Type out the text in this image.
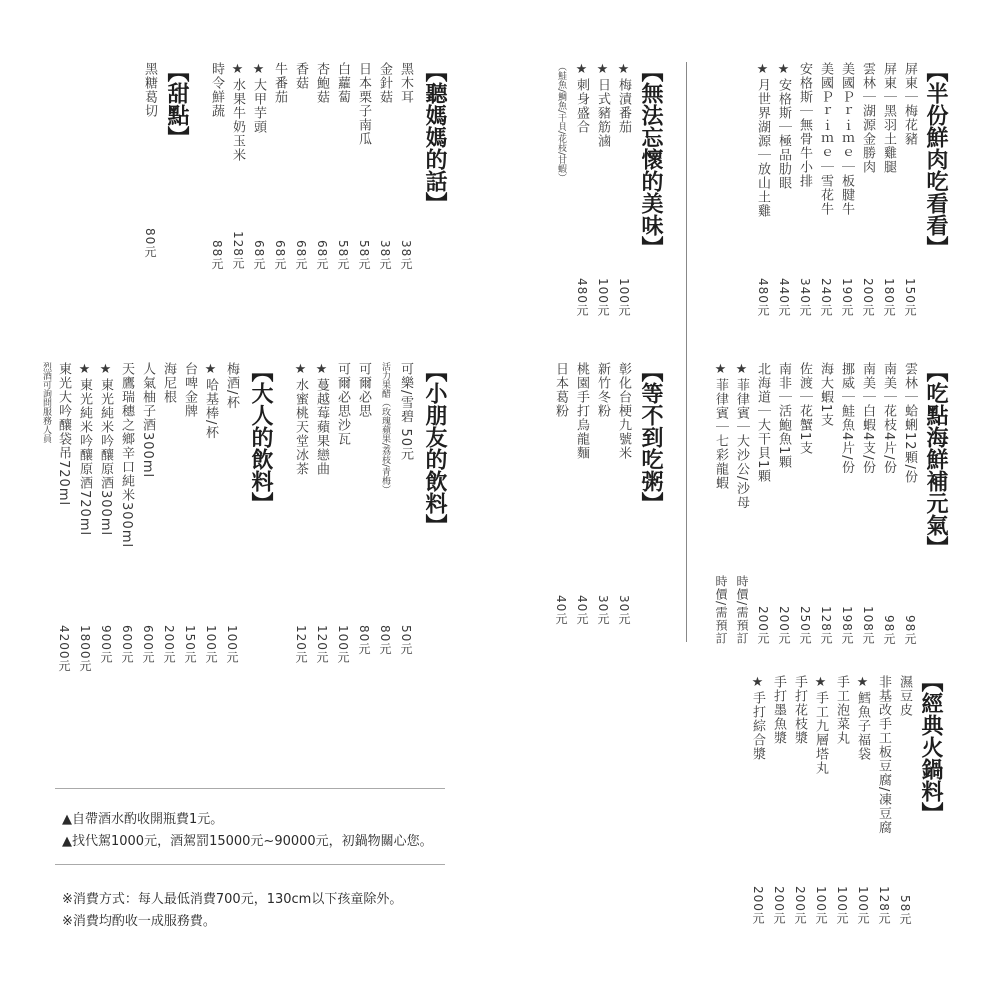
【半份鮮肉吃看看】
屏東｜梅花豬
屏東｜黑羽土雞腿
雲林｜湖源金勝肉
美國Ｐｒｉｍｅ｜板腱牛
美國Ｐｒｉｍｅ｜雪花牛
安格斯｜無骨牛小排
★安格斯｜極品肋眼
★月世界湖源｜放山土雞
150元
180元
200元
190元
240元
340元
440元
480元
【吃點海鮮補元氣】
雲林｜蛤蜊12顆/份
南美｜花枝4片/份
南美｜白蝦4支/份
挪威｜鮭魚4片/份
海大蝦1支
佐渡｜花蟹1支
南非｜活鮑魚1顆
北海道｜大干貝1顆
★菲律賓｜大沙公/沙母
★菲律賓｜七彩龍蝦
98元
98元
108元
198元
128元
250元
200元
200元
時價/需預訂
時價/需預訂
【經典火鍋料】
濕豆皮
非基改手工板豆腐/凍豆腐
★鱈魚子福袋
手工泡菜丸
★手工九層塔丸
手打花枝漿
手打墨魚漿
★手打綜合漿
58元
128元
100元
100元
100元
200元
200元
200元
【無法忘懷的美味】
★梅漬番茄
★日式豬筋滷
★刺身盛合
（鮭魚/鯛魚/干貝/花枝/甘蝦）
100元
100元
480元
【等不到吃粥】
彰化台梗九號米
新竹冬粉
桃園手打烏龍麵
日本葛粉
30元
30元
40元
40元
【聽媽媽的話】
黑木耳
金針菇
日本栗子南瓜
白蘿蔔
杏鮑菇
香菇
牛番茄
★大甲芋頭
★水果牛奶玉米
時令鮮蔬
38元
38元
58元
58元
68元
68元
68元
68元
128元
88元
【甜點】
黑糖葛切
80元
【小朋友的飲料】
可樂/雪碧 50元
活力果醋（玫瑰蘋果/荔枝/青梅）
可爾必思
可爾必思沙瓦
★蔓越莓蘋果戀曲
★水蜜桃天堂冰茶
50元
80元
80元
100元
120元
120元
【大人的飲料】
梅酒/杯
★哈基棒/杯
台啤金牌
海尼根
人氣柚子酒300ml
天鷹瑞穗之鄉辛口純米300ml
★東光純米吟釀原酒300ml
★東光純米吟釀原酒720ml
東光大吟釀袋吊720ml
100元
100元
150元
200元
600元
600元
900元
1800元
4200元
烈酒可詢問服務人員
▲自帶酒水酌收開瓶費1元。
▲找代駕1000元，酒駕罰15000元~90000元，初鍋物關心您。
※消費方式：每人最低消費700元，130cm以下孩童除外。
※消費均酌收一成服務費。
